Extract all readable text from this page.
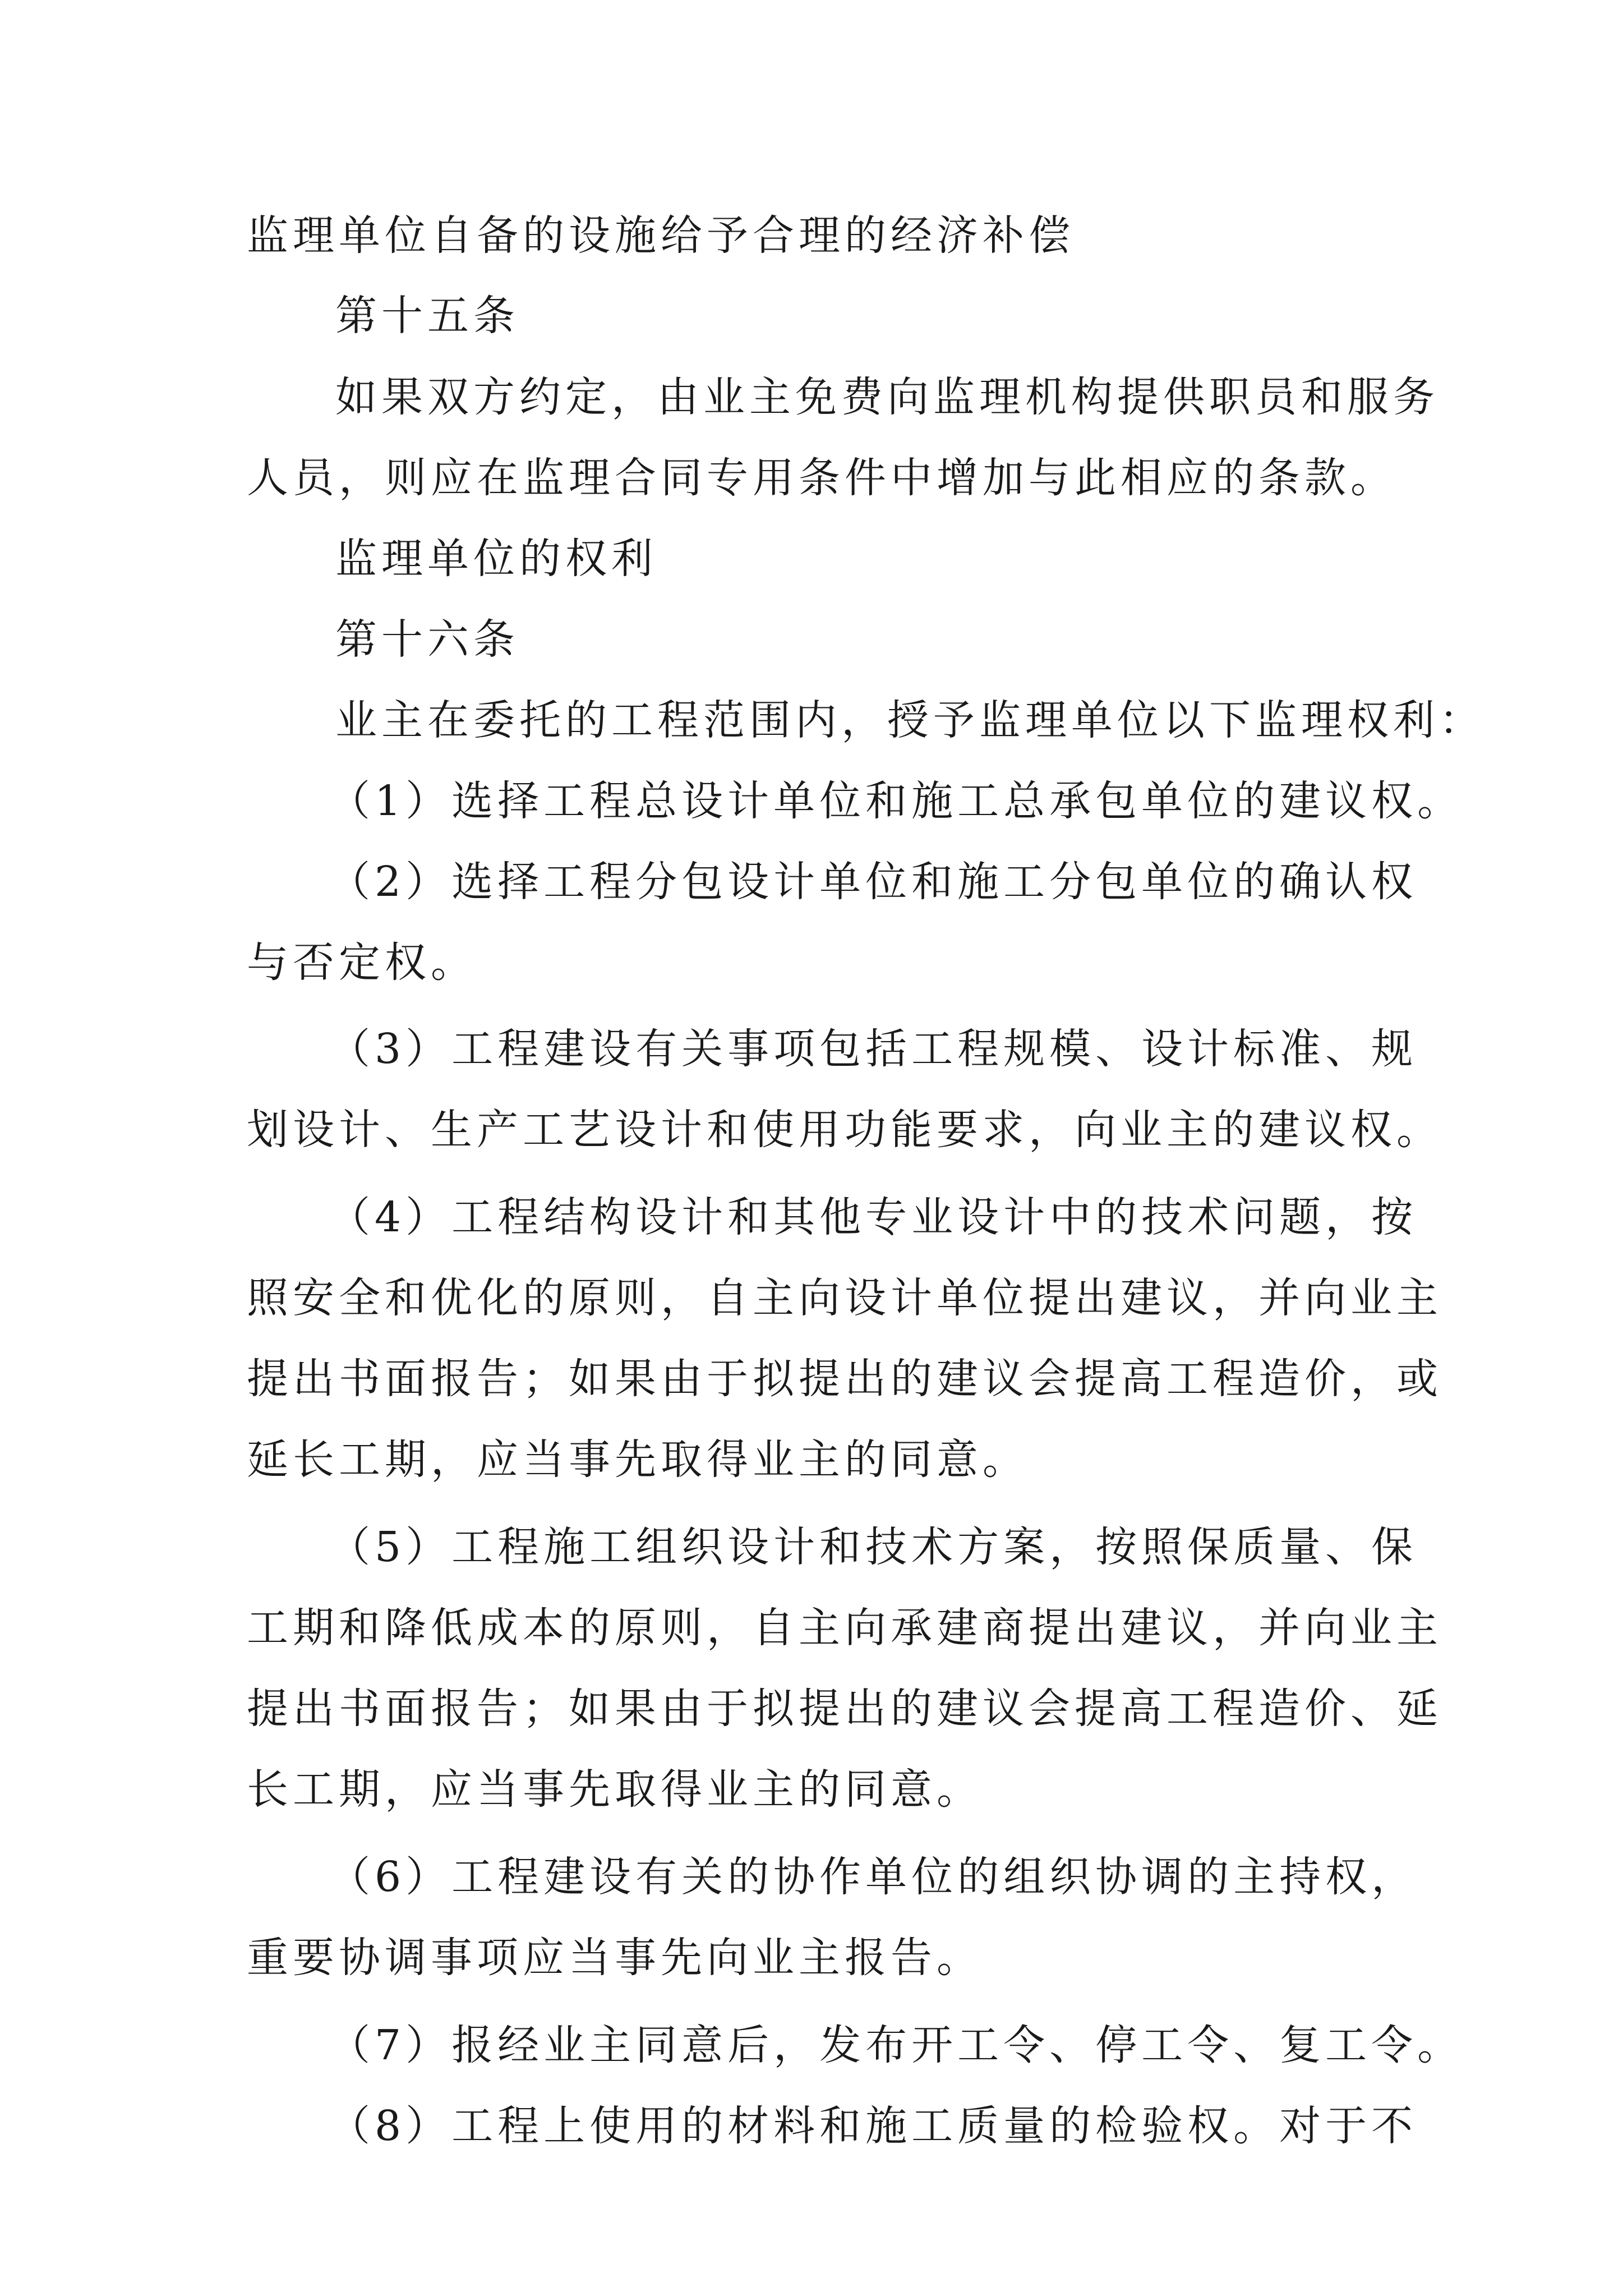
监理单位自备的设施给予合理的经济补偿
第十五条
如果双方约定，由业主免费向监理机构提供职员和服务
人员，则应在监理合同专用条件中增加与此相应的条款。
监理单位的权利
第十六条
业主在委托的工程范围内，授予监理单位以下监理权利：
（1）选择工程总设计单位和施工总承包单位的建议权。
（2）选择工程分包设计单位和施工分包单位的确认权
与否定权。
（3）工程建设有关事项包括工程规模、设计标准、规
划设计、生产工艺设计和使用功能要求，向业主的建议权。
（4）工程结构设计和其他专业设计中的技术问题，按
照安全和优化的原则，自主向设计单位提出建议，并向业主
提出书面报告；如果由于拟提出的建议会提高工程造价，或
延长工期，应当事先取得业主的同意。
（5）工程施工组织设计和技术方案，按照保质量、保
工期和降低成本的原则，自主向承建商提出建议，并向业主
提出书面报告；如果由于拟提出的建议会提高工程造价、延
长工期，应当事先取得业主的同意。
（6）工程建设有关的协作单位的组织协调的主持权，
重要协调事项应当事先向业主报告。
（7）报经业主同意后，发布开工令、停工令、复工令。
（8）工程上使用的材料和施工质量的检验权。对于不
